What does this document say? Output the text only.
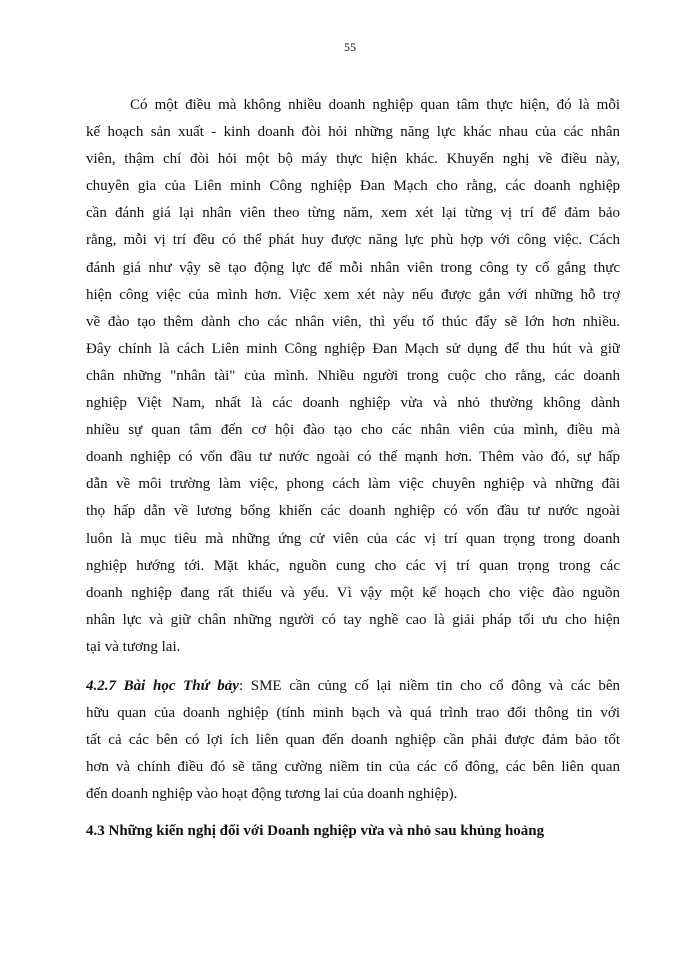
55
Có một điều mà không nhiều doanh nghiệp quan tâm thực hiện, đó là mỗi
kế hoạch sản xuất - kinh doanh đòi hỏi những năng lực khác nhau của các nhân
viên, thậm chí đòi hỏi một bộ máy thực hiện khác. Khuyến nghị về điều này,
chuyên gia của Liên minh Công nghiệp Đan Mạch cho rằng, các doanh nghiệp
cần đánh giá lại nhân viên theo từng năm, xem xét lại từng vị trí để đảm bảo
rằng, mỗi vị trí đều có thể phát huy được năng lực phù hợp với công việc. Cách
đánh giá như vậy sẽ tạo động lực để mỗi nhân viên trong công ty cố gắng thực
hiện công việc của mình hơn. Việc xem xét này nếu được gắn với những hỗ trợ
về đào tạo thêm dành cho các nhân viên, thì yếu tố thúc đẩy sẽ lớn hơn nhiều.
Đây chính là cách Liên minh Công nghiệp Đan Mạch sử dụng để thu hút và giữ
chân những "nhân tài" của mình. Nhiều người trong cuộc cho rằng, các doanh
nghiệp Việt Nam, nhất là các doanh nghiệp vừa và nhỏ thường không dành
nhiều sự quan tâm đến cơ hội đào tạo cho các nhân viên của mình, điều mà
doanh nghiệp có vốn đầu tư nước ngoài có thế mạnh hơn. Thêm vào đó, sự hấp
dẫn về môi trường làm việc, phong cách làm việc chuyên nghiệp và những đãi
thọ hấp dẫn về lương bổng khiến các doanh nghiệp có vốn đầu tư nước ngoài
luôn là mục tiêu mà những ứng cử viên của các vị trí quan trọng trong doanh
nghiệp hướng tới. Mặt khác, nguồn cung cho các vị trí quan trọng trong các
doanh nghiệp đang rất thiếu và yếu. Vì vậy một kế hoạch cho việc đào nguồn
nhân lực và giữ chân những người có tay nghề cao là giải pháp tối ưu cho hiện
tại và tương lai.
4.2.7 Bài học Thứ bảy: SME cần củng cố lại niềm tin cho cổ đông và các bên
hữu quan của doanh nghiệp (tính minh bạch và quá trình trao đổi thông tin với
tất cả các bên có lợi ích liên quan đến doanh nghiệp cần phải được đảm bảo tốt
hơn và chính điều đó sẽ tăng cường niềm tin của các cổ đông, các bên liên quan
đến doanh nghiệp vào hoạt động tương lai của doanh nghiệp).
4.3 Những kiến nghị đối với Doanh nghiệp vừa và nhỏ sau khủng hoảng
